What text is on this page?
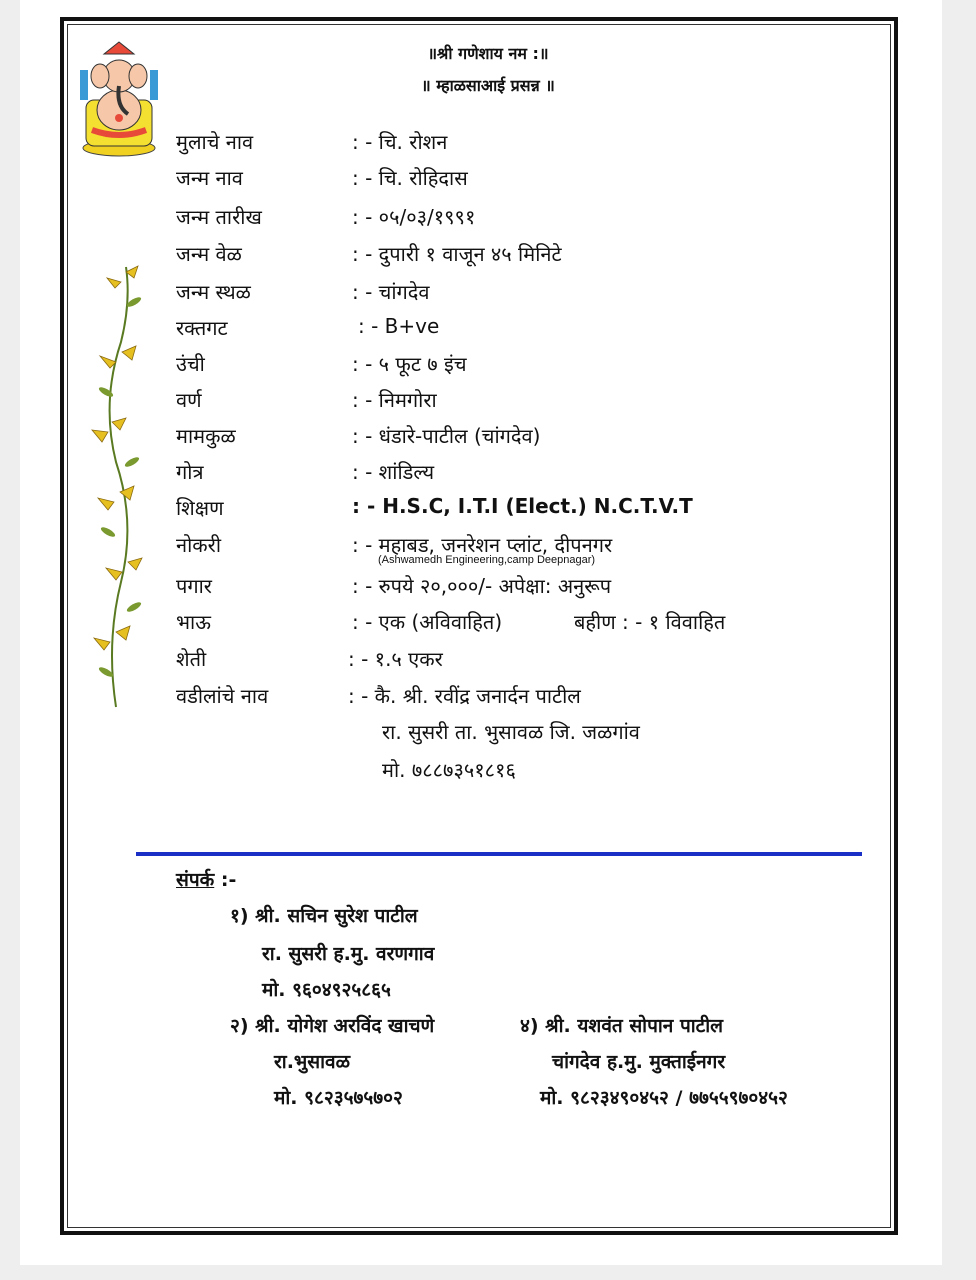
॥श्री गणेशाय नम :॥
॥ म्हाळसाआई प्रसन्न ॥
मुलाचे नाव	: - चि. रोशन
जन्म नाव	: - चि. रोहिदास
जन्म तारीख	: - ०५/०३/१९९१
जन्म वेळ	: - दुपारी १ वाजून ४५ मिनिटे
जन्म स्थळ	: - चांगदेव
रक्तगट	: - B+ve
उंची	: - ५ फूट ७ इंच
वर्ण	: - निमगोरा
मामकुळ	: - धंडारे-पाटील (चांगदेव)
गोत्र	: - शांडिल्य
शिक्षण	: - H.S.C, I.T.I (Elect.) N.C.T.V.T
नोकरी	: - महाबड, जनरेशन प्लांट, दीपनगर
(Ashwamedh Engineering,camp Deepnagar)
पगार	: - रुपये २०,०००/- अपेक्षा: अनुरूप
भाऊ	: - एक (अविवाहित)	बहीण : - १ विवाहित
शेती	: - १.५ एकर
वडीलांचे नाव	: - कै. श्री. रवींद्र जनार्दन पाटील
रा. सुसरी ता. भुसावळ जि. जळगांव
मो. ७८८७३५१८१६
संपर्क :-
१) श्री. सचिन सुरेश पाटील
रा. सुसरी ह.मु. वरणगाव
मो. ९६०४९२५८६५
२) श्री. योगेश अरविंद खाचणे
रा.भुसावळ
मो. ९८२३५७५७०२
४) श्री. यशवंत सोपान पाटील
चांगदेव ह.मु. मुक्ताईनगर
मो. ९८२३४९०४५२ / ७७५५९७०४५२
